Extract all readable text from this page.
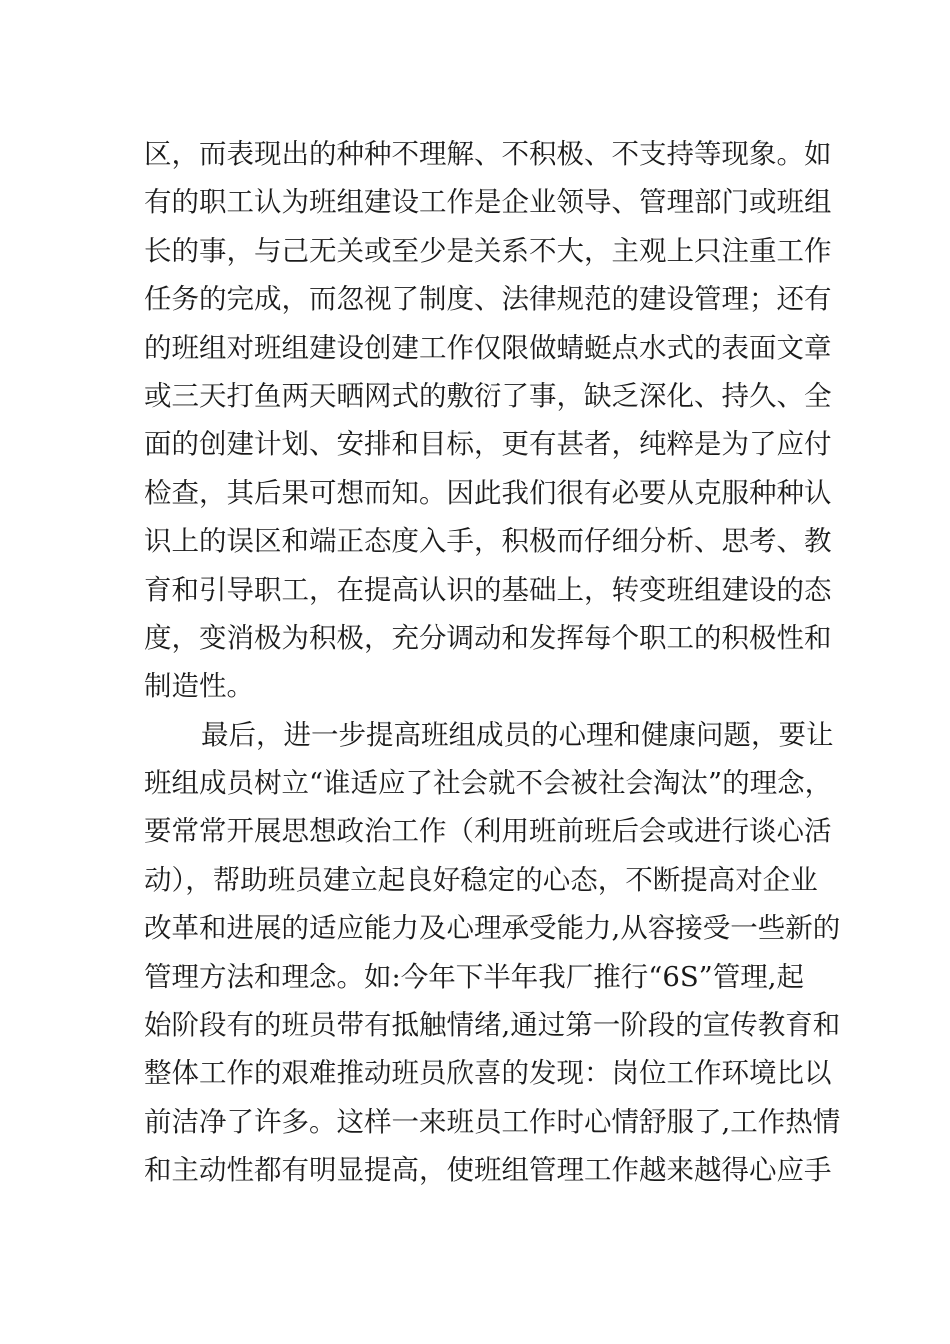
区，而表现出的种种不理解、不积极、不支持等现象。如
有的职工认为班组建设工作是企业领导、管理部门或班组
长的事，与己无关或至少是关系不大，主观上只注重工作
任务的完成，而忽视了制度、法律规范的建设管理；还有
的班组对班组建设创建工作仅限做蜻蜓点水式的表面文章
或三天打鱼两天晒网式的敷衍了事，缺乏深化、持久、全
面的创建计划、安排和目标，更有甚者，纯粹是为了应付
检查，其后果可想而知。因此我们很有必要从克服种种认
识上的误区和端正态度入手，积极而仔细分析、思考、教
育和引导职工，在提高认识的基础上，转变班组建设的态
度，变消极为积极，充分调动和发挥每个职工的积极性和
制造性。
最后，进一步提高班组成员的心理和健康问题，要让
班组成员树立“谁适应了社会就不会被社会淘汰”的理念，
要常常开展思想政治工作（利用班前班后会或进行谈心活
动），帮助班员建立起良好稳定的心态，不断提高对企业
改革和进展的适应能力及心理承受能力,从容接受一些新的
管理方法和理念。如:今年下半年我厂推行“6S”管理,起
始阶段有的班员带有抵触情绪,通过第一阶段的宣传教育和
整体工作的艰难推动班员欣喜的发现：岗位工作环境比以
前洁净了许多。这样一来班员工作时心情舒服了,工作热情
和主动性都有明显提高，使班组管理工作越来越得心应手
